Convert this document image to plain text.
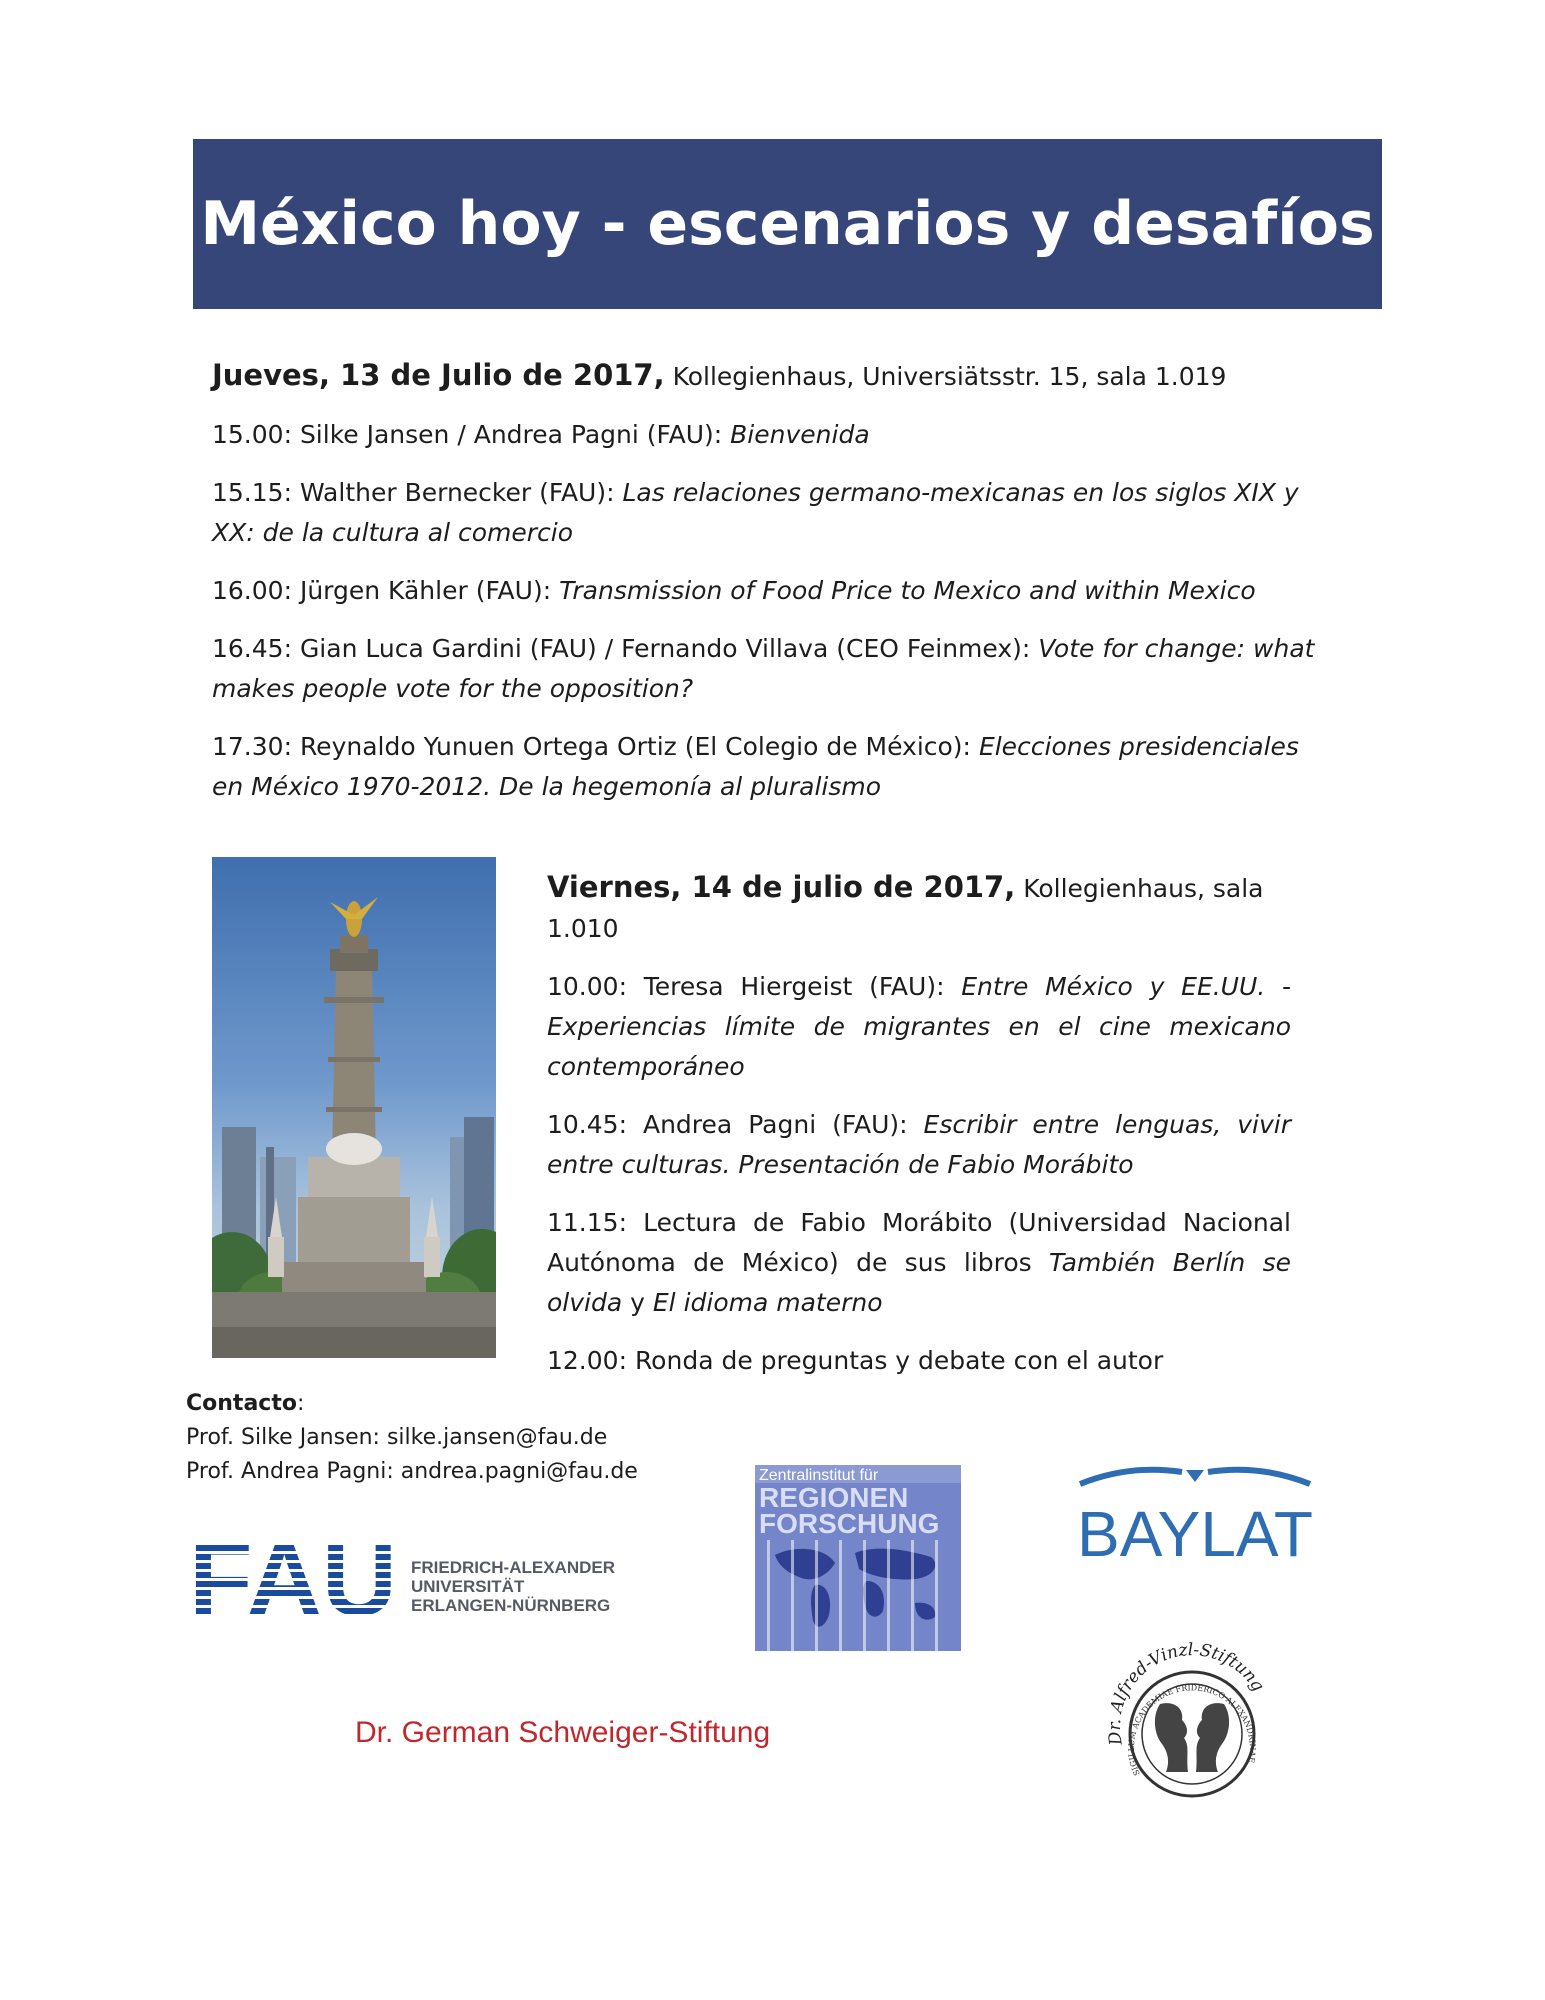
México hoy - escenarios y desafíos

Jueves, 13 de Julio de 2017, Kollegienhaus, Universiätsstr. 15, sala 1.019

15.00: Silke Jansen / Andrea Pagni (FAU): Bienvenida

15.15: Walther Bernecker (FAU): Las relaciones germano-mexicanas en los siglos XIX y XX: de la cultura al comercio

16.00: Jürgen Kähler (FAU): Transmission of Food Price to Mexico and within Mexico

16.45: Gian Luca Gardini (FAU) / Fernando Villava (CEO Feinmex): Vote for change: what makes people vote for the opposition?

17.30: Reynaldo Yunuen Ortega Ortiz (El Colegio de México): Elecciones presidenciales en México 1970-2012. De la hegemonía al pluralismo

Viernes, 14 de julio de 2017, Kollegienhaus, sala 1.010

10.00: Teresa Hiergeist (FAU): Entre México y EE.UU. -Experiencias límite de migrantes en el cine mexicano contemporáneo

10.45: Andrea Pagni (FAU): Escribir entre lenguas, vivir entre culturas. Presentación de Fabio Morábito

11.15: Lectura de Fabio Morábito (Universidad Nacional Autónoma de México) de sus libros También Berlín se olvida y El idioma materno

12.00: Ronda de preguntas y debate con el autor

Contacto:
Prof. Silke Jansen: silke.jansen@fau.de
Prof. Andrea Pagni: andrea.pagni@fau.de
FAU FRIEDRICH-ALEXANDER
UNIVERSITÄT
ERLANGEN-NÜRNBERG
Zentralinstitut für
REGIONEN
FORSCHUNG BAYLAT
Dr. German Schweiger-Stiftung	Dr. Alfred-Vinzl-Stiftung
SIGILLUM ACADEMIAE FRIDERICO ALEXANDRINAE
